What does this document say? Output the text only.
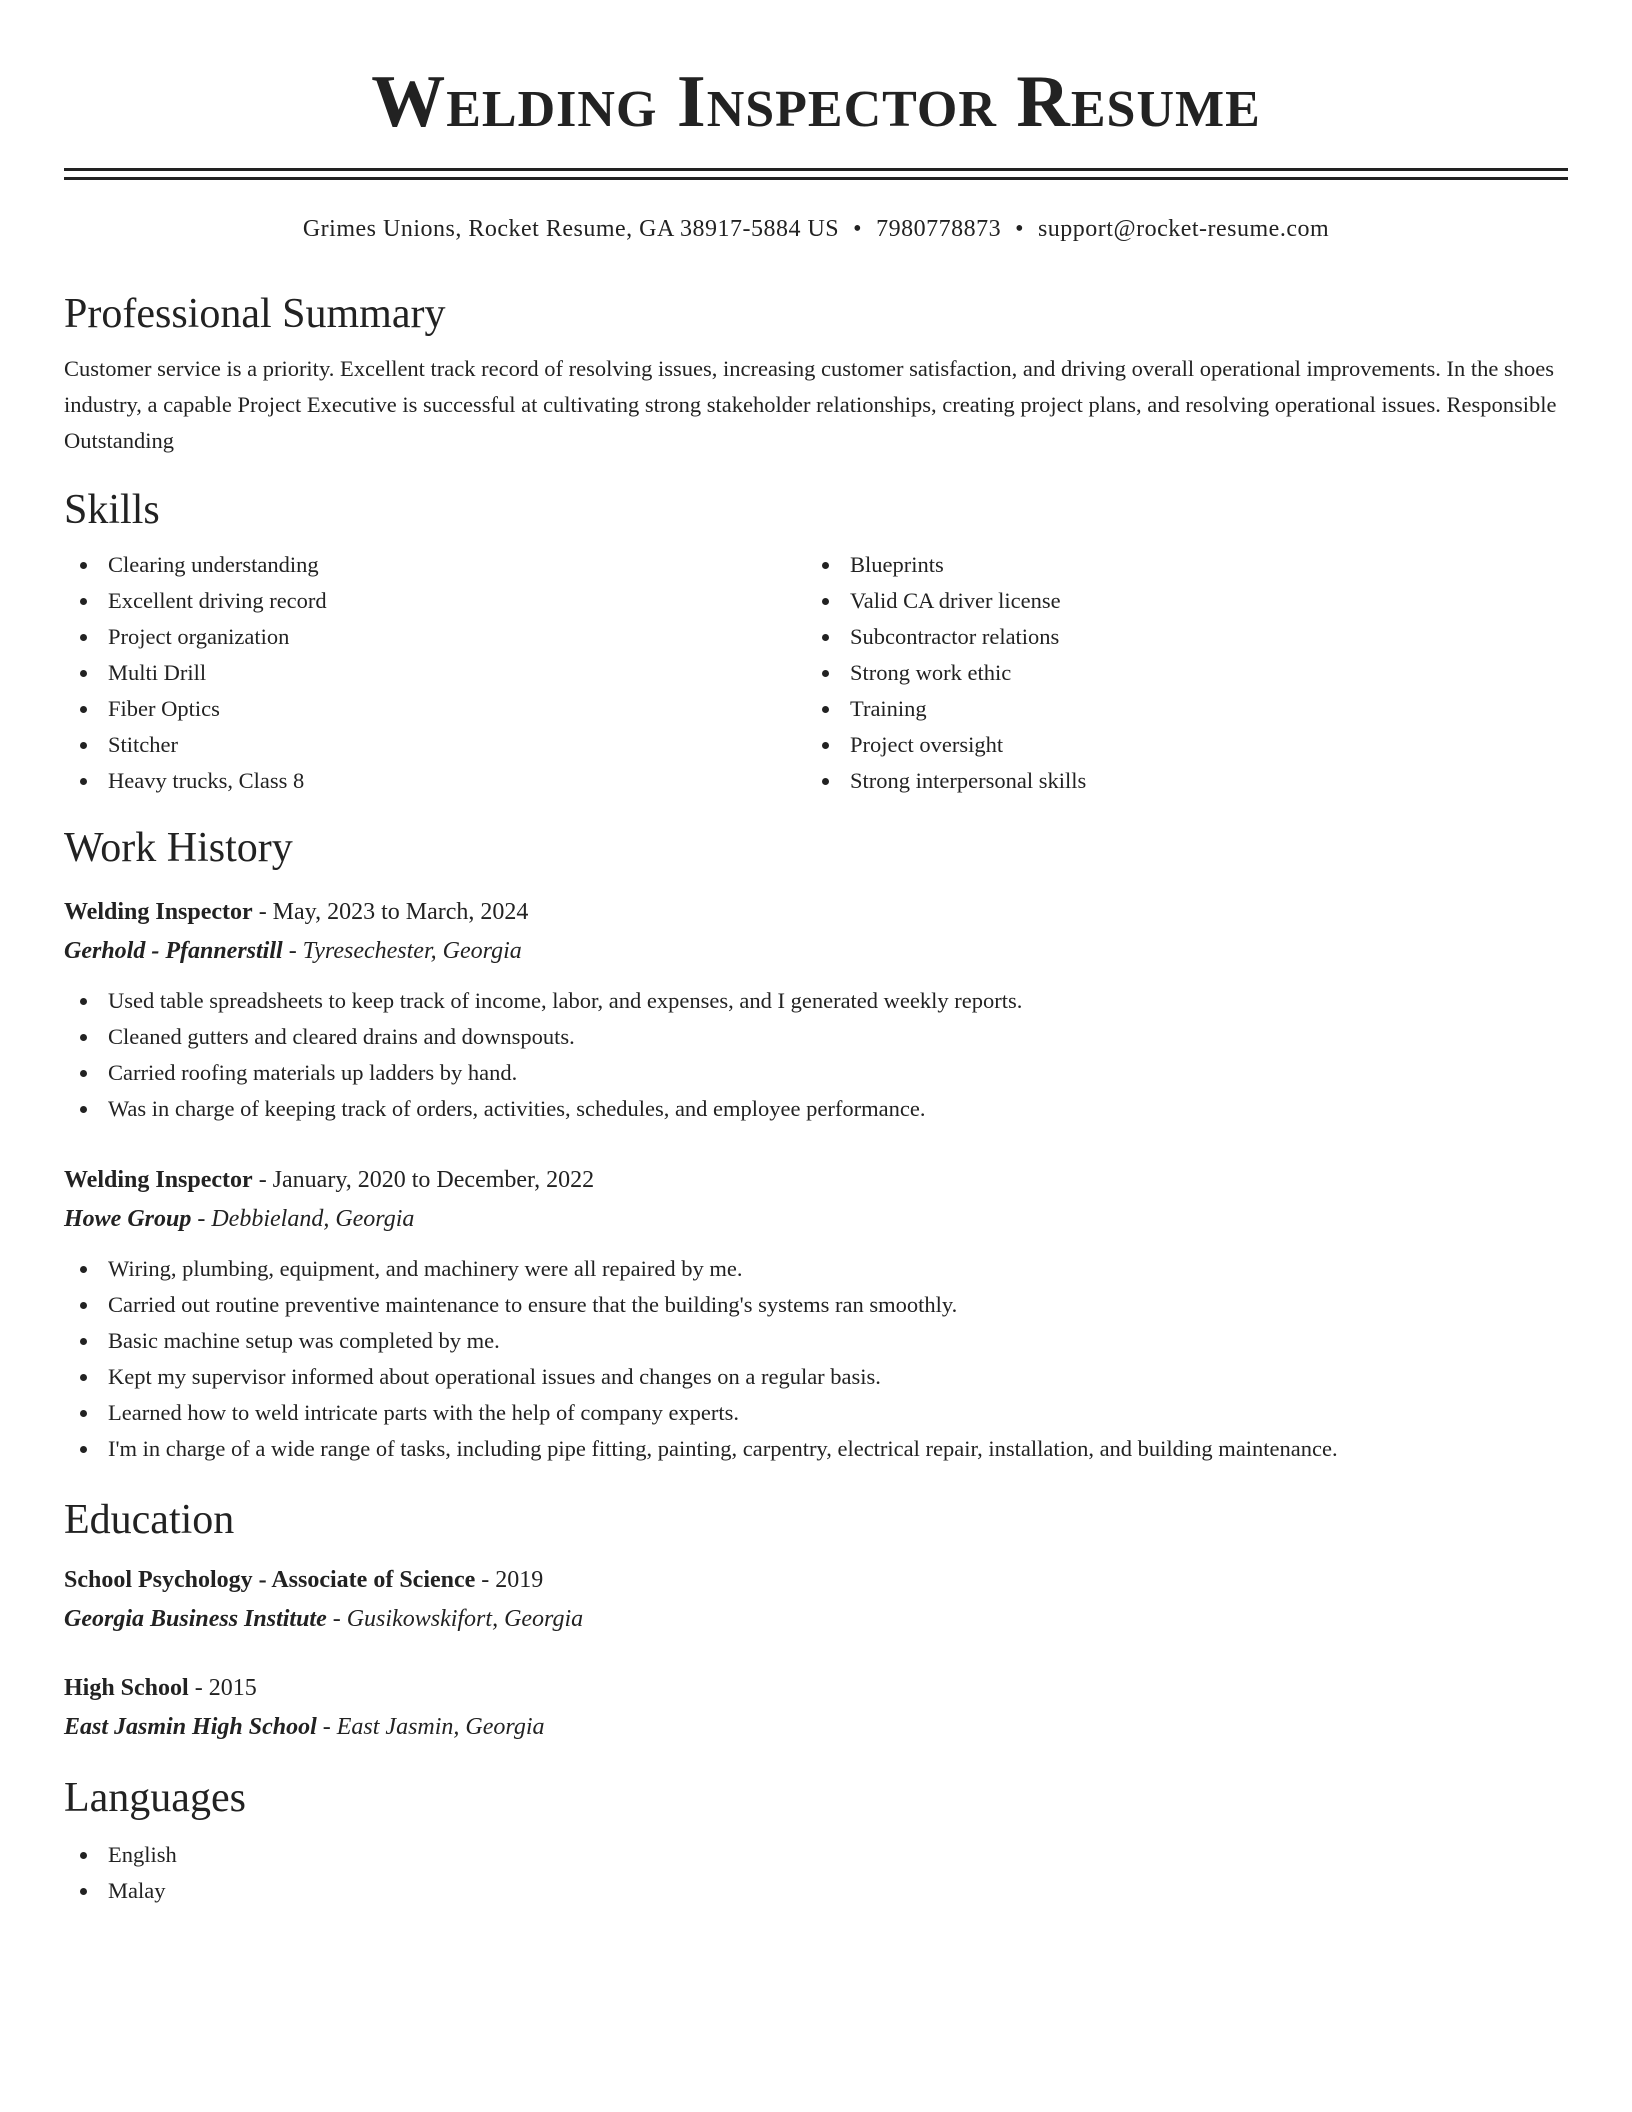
Welding Inspector Resume
Grimes Unions, Rocket Resume, GA 38917-5884 US • 7980778873 • support@rocket-resume.com
Professional Summary

Customer service is a priority. Excellent track record of resolving issues, increasing customer satisfaction, and driving overall operational improvements. In the shoes industry, a capable Project Executive is successful at cultivating strong stakeholder relationships, creating project plans, and resolving operational issues. Responsible Outstanding

Skills
Clearing understanding
Excellent driving record
Project organization
Multi Drill
Fiber Optics
Stitcher
Heavy trucks, Class 8
Blueprints
Valid CA driver license
Subcontractor relations
Strong work ethic
Training
Project oversight
Strong interpersonal skills
Work History
Welding Inspector - May, 2023 to March, 2024
Gerhold - Pfannerstill - Tyresechester, Georgia
Used table spreadsheets to keep track of income, labor, and expenses, and I generated weekly reports.
Cleaned gutters and cleared drains and downspouts.
Carried roofing materials up ladders by hand.
Was in charge of keeping track of orders, activities, schedules, and employee performance.
Welding Inspector - January, 2020 to December, 2022
Howe Group - Debbieland, Georgia
Wiring, plumbing, equipment, and machinery were all repaired by me.
Carried out routine preventive maintenance to ensure that the building's systems ran smoothly.
Basic machine setup was completed by me.
Kept my supervisor informed about operational issues and changes on a regular basis.
Learned how to weld intricate parts with the help of company experts.
I'm in charge of a wide range of tasks, including pipe fitting, painting, carpentry, electrical repair, installation, and building maintenance.
Education
School Psychology - Associate of Science - 2019
Georgia Business Institute - Gusikowskifort, Georgia
High School - 2015
East Jasmin High School - East Jasmin, Georgia
Languages
English
Malay
